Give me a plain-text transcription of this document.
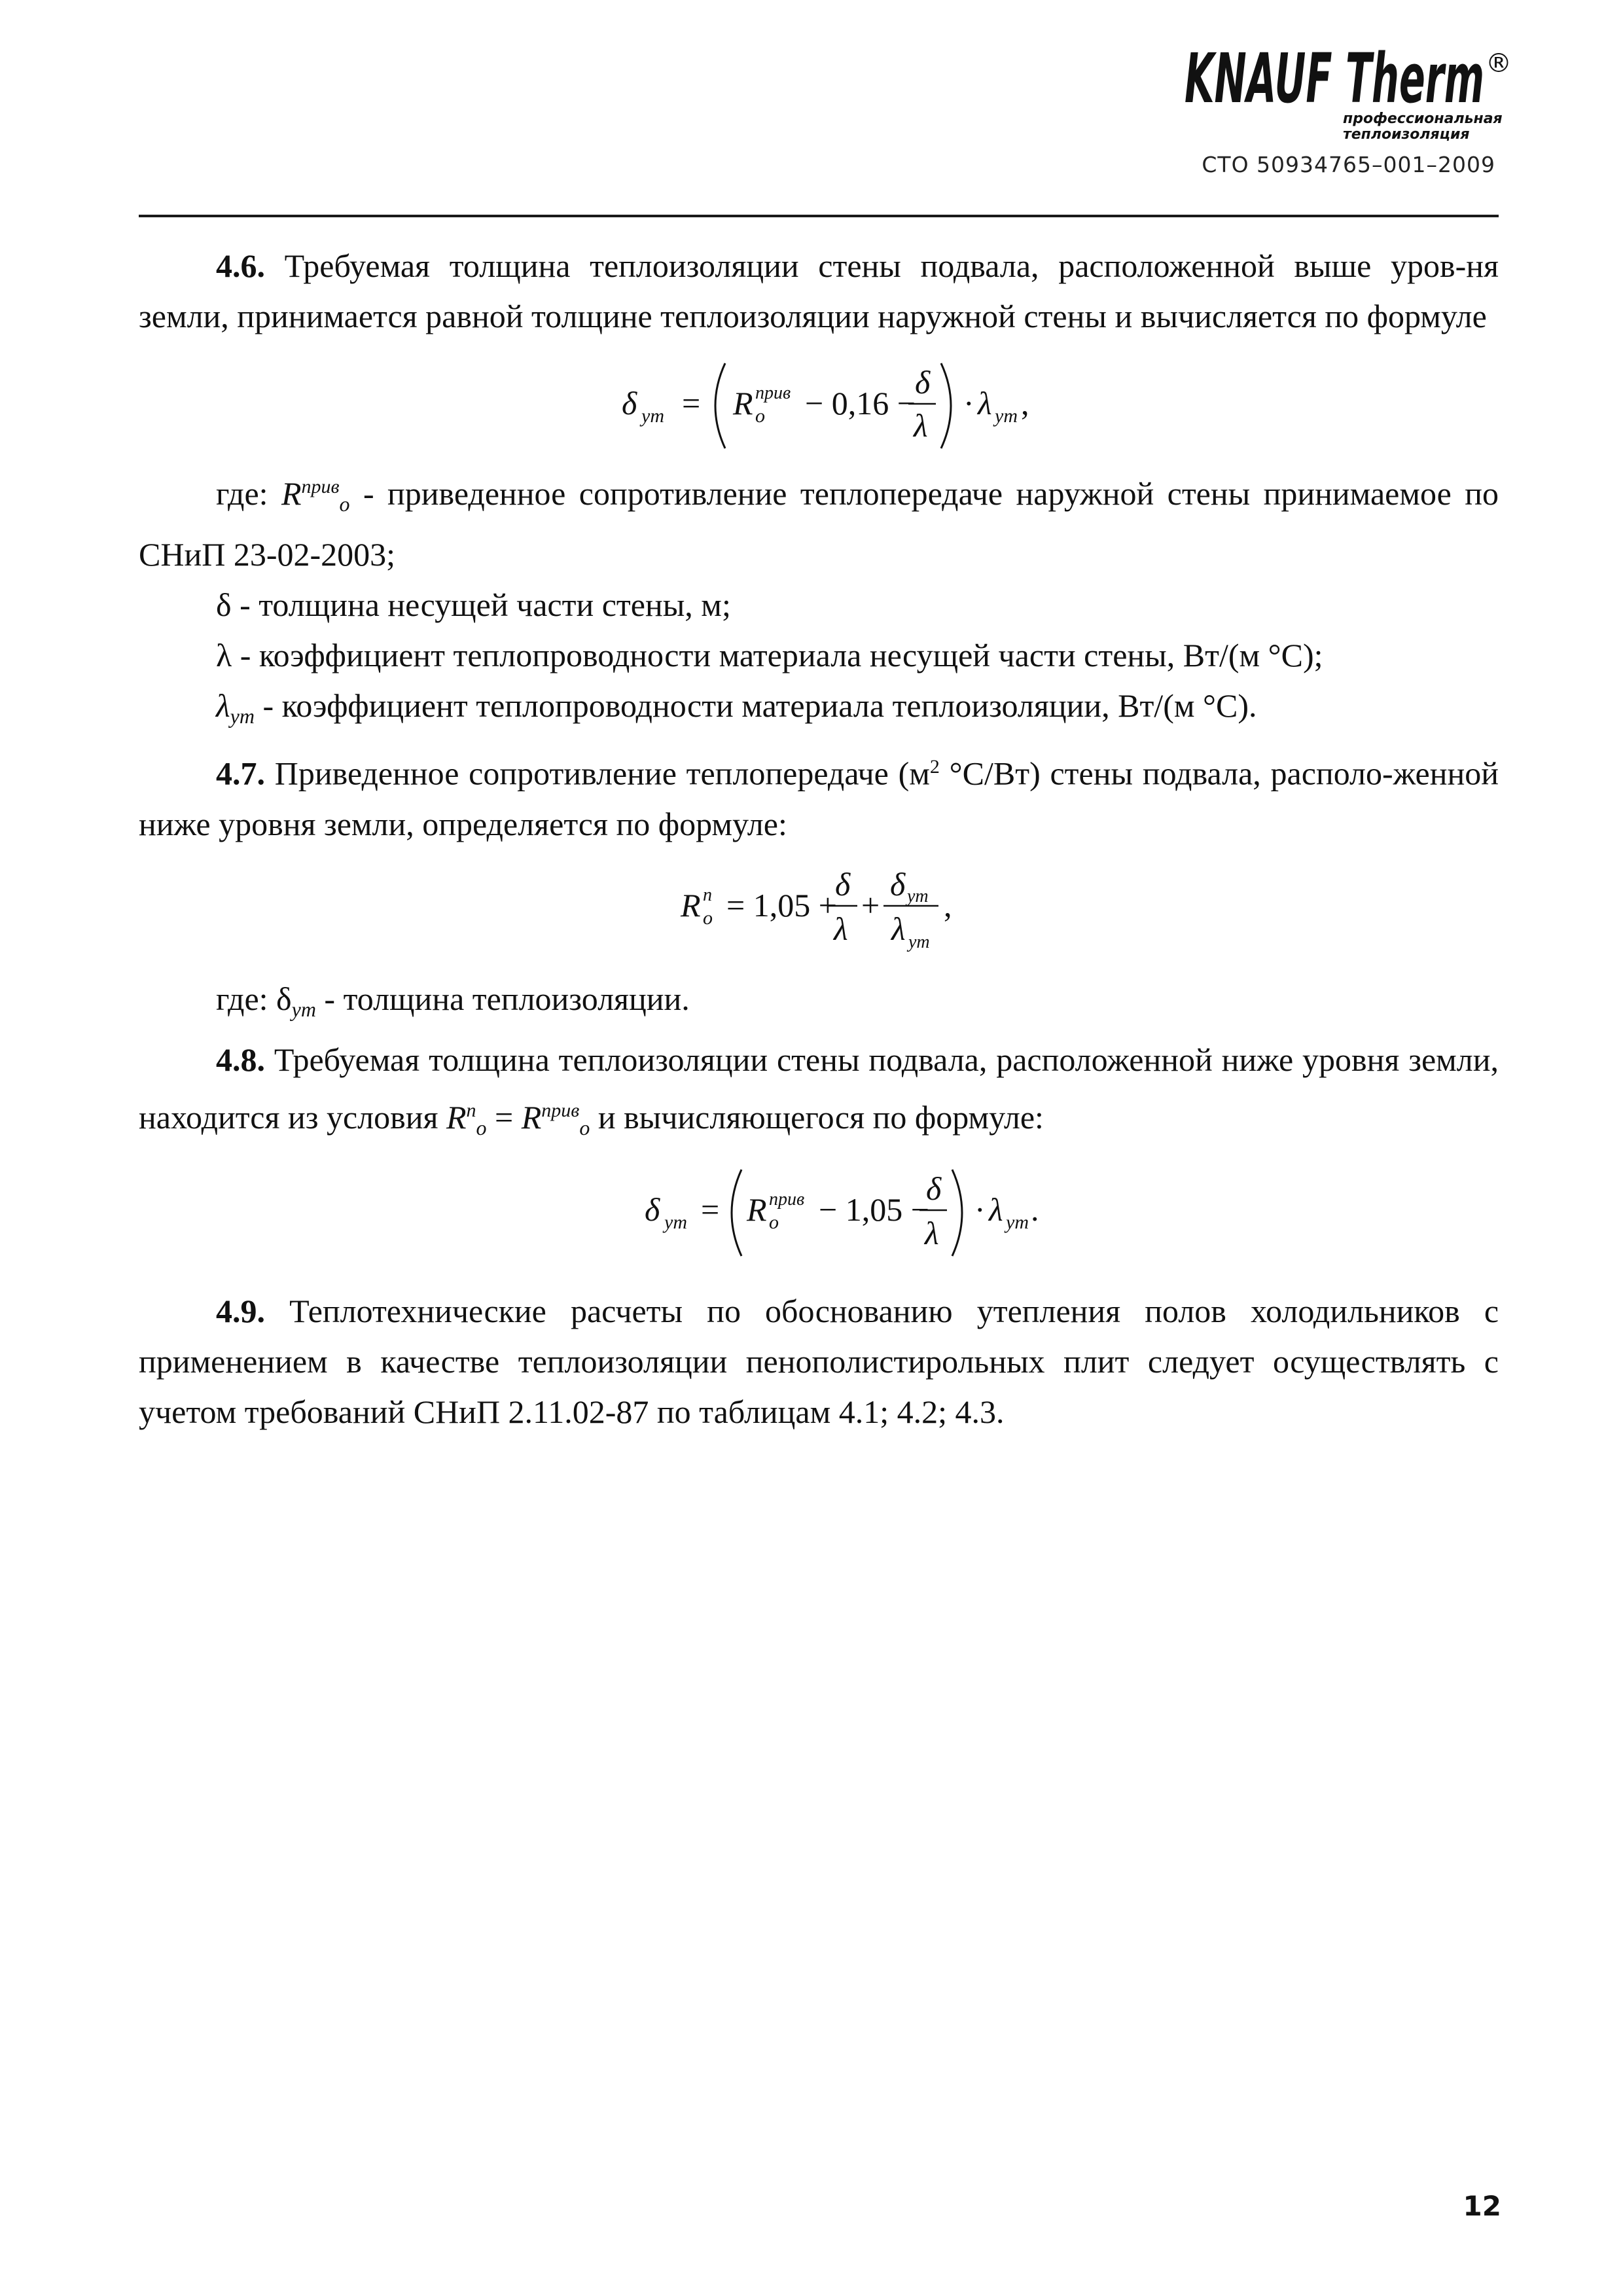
KNAUF Therm ®
профессиональная
теплоизоляция
СТО 50934765–001–2009

4.6. Требуемая толщина теплоизоляции стены подвала, расположенной выше уров-ня земли, принимается равной толщине теплоизоляции наружной стены и вычисляется по формуле

δ ут = R прив
о − 0,16 −
δ
λ
· λ ут ,

где: $R^{прив}_о$ - приведенное сопротивление теплопередаче наружной стены принимаемое по СНиП 23-02-2003;

δ - толщина несущей части стены, м;

λ - коэффициент теплопроводности материала несущей части стены, Вт/(м °С);

$\lambda_{ут}$ - коэффициент теплопроводности материала теплоизоляции, Вт/(м °С).

4.7. Приведенное сопротивление теплопередаче ($м^2$ °С/Вт) стены подвала, располо-женной ниже уровня земли, определяется по формуле:

R n
o = 1,05 +
δ
λ
+
δ ут
λ ут
,

где: $\delta_{ут}$ - толщина теплоизоляции.

4.8. Требуемая толщина теплоизоляции стены подвала, расположенной ниже уровня земли, находится из условия $R^n_o = R^{прив}_o$ и вычисляющегося по формуле:

δ ут = R прив
о − 1,05 −
δ
λ
· λ ут .

4.9. Теплотехнические расчеты по обоснованию утепления полов холодильников с применением в качестве теплоизоляции пенополистирольных плит следует осуществлять с учетом требований СНиП 2.11.02-87 по таблицам 4.1; 4.2; 4.3.

12
